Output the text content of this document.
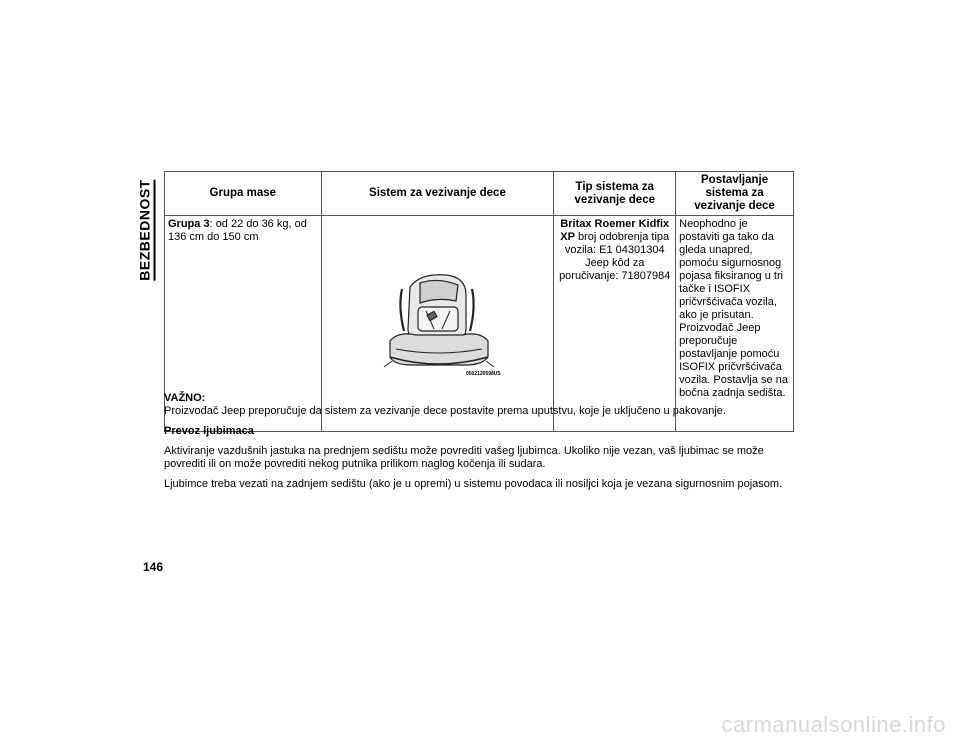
BEZBEDNOST	Grupa mase	Sistem za vezivanje dece	Tip sistema za vezivanje dece	Postavljanje sistema za vezivanje dece
Grupa 3: od 22 do 36 kg, od 136 cm do 150 cm	0502120598US	Britax Roemer Kidfix XP broj odobrenja tipa vozila: E1 04301304 Jeep kôd za poručivanje: 71807984	Neophodno je postaviti ga tako da gleda unapred, pomoću sigurnosnog pojasa fiksiranog u tri tačke i ISOFIX pričvršćivača vozila, ako je prisutan. Proizvođač Jeep preporučuje postavljanje pomoću ISOFIX pričvršćivača vozila. Postavlja se na bočna zadnja sedišta.

VAŽNO:
Proizvođač Jeep preporučuje da sistem za vezivanje dece postavite prema uputstvu, koje je uključeno u pakovanje.

Prevoz ljubimaca

Aktiviranje vazdušnih jastuka na prednjem sedištu može povrediti vašeg ljubimca. Ukoliko nije vezan, vaš ljubimac se može povrediti ili on može povrediti nekog putnika prilikom naglog kočenja ili sudara.

Ljubimce treba vezati na zadnjem sedištu (ako je u opremi) u sistemu povodaca ili nosiljci koja je vezana sigurnosnim pojasom.

146
carmanualsonline.info
